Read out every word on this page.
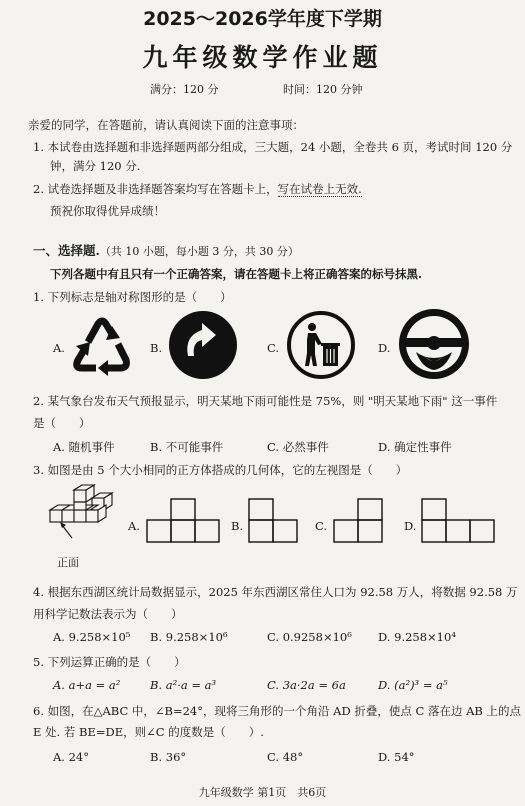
2025～2026学年度下学期
九年级数学作业题
满分：120 分	时间：120 分钟
亲爱的同学，在答题前，请认真阅读下面的注意事项：
1. 本试卷由选择题和非选择题两部分组成，三大题，24 小题，全卷共 6 页，考试时间 120 分
钟，满分 120 分.
2. 试卷选择题及非选择题答案均写在答题卡上，写在试卷上无效.
预祝你取得优异成绩！
一、选择题.（共 10 小题，每小题 3 分，共 30 分）
下列各题中有且只有一个正确答案，请在答题卡上将正确答案的标号抹黑.
1. 下列标志是轴对称图形的是（　　）
A.	B.	C.	D.
2. 某气象台发布天气预报显示，明天某地下雨可能性是 75%，则 "明天某地下雨" 这一事件
是（　　）
A. 随机事件	B. 不可能事件	C. 必然事件	D. 确定性事件
3. 如图是由 5 个大小相同的正方体搭成的几何体，它的左视图是（　　）
正面
A.	B.	C.	D.
4. 根据东西湖区统计局数据显示，2025 年东西湖区常住人口为 92.58 万人，将数据 92.58 万
用科学记数法表示为（　　）
A. 9.258×10⁵ B. 9.258×10⁶	C. 0.9258×10⁶ D. 9.258×10⁴
5. 下列运算正确的是（　　）
A. a+a = a²	B. a²·a = a³	C. 3a·2a = 6a	D. (a²)³ = a⁵
6. 如图，在△ABC 中，∠B=24°，现将三角形的一个角沿 AD 折叠，使点 C 落在边 AB 上的点
E 处. 若 BE=DE，则∠C 的度数是（　　）.
A. 24°	B. 36°	C. 48°	D. 54°
九年级数学 第1页　共6页
